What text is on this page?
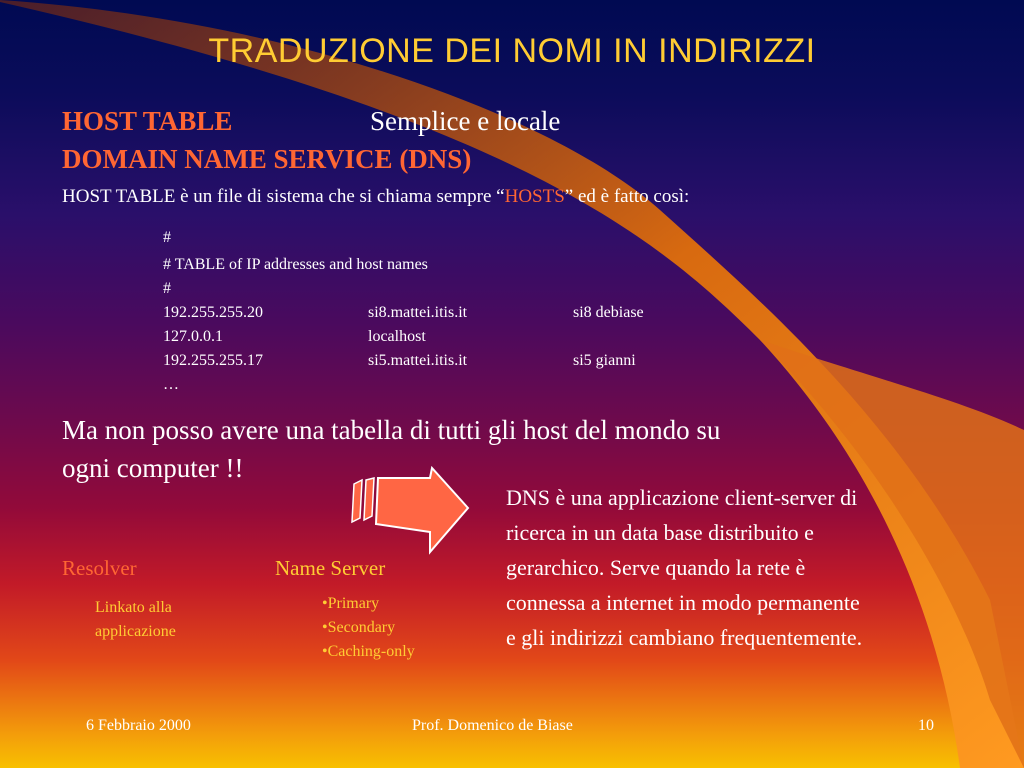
TRADUZIONE DEI NOMI IN INDIRIZZI
HOST TABLE	Semplice e locale
DOMAIN NAME SERVICE (DNS)
HOST TABLE è un file di sistema che si chiama sempre “HOSTS” ed è fatto così:
#
# TABLE of IP addresses and host names
#
192.255.255.20	si8.mattei.itis.it	si8 debiase
127.0.0.1	localhost
192.255.255.17	si5.mattei.itis.it	si5 gianni
…
Ma non posso avere una tabella di tutti gli host del mondo su
ogni computer !!
DNS è una applicazione client-server di
ricerca in un data base distribuito e
gerarchico. Serve quando la rete è
connessa a internet in modo permanente
e gli indirizzi cambiano frequentemente.
Resolver
Linkato alla
applicazione
Name Server
•Primary
•Secondary
•Caching-only
6 Febbraio 2000	Prof. Domenico de Biase	10
